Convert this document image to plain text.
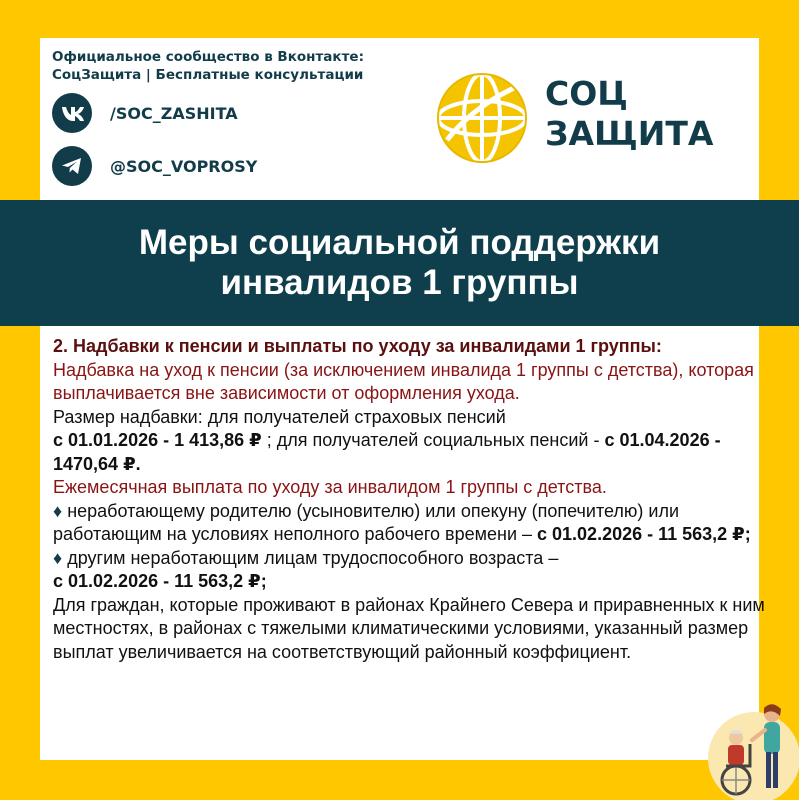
Официальное сообщество в Вконтакте:
СоцЗащита | Бесплатные консультации
/SOC_ZASHITA
@SOC_VOPROSY
СОЦ
ЗАЩИТА
Меры социальной поддержки
инвалидов 1 группы

2. Надбавки к пенсии и выплаты по уходу за инвалидами 1 группы:

Надбавка на уход к пенсии (за исключением инвалида 1 группы с детства), которая выплачивается вне зависимости от оформления ухода.

Размер надбавки: для получателей страховых пенсий
с 01.01.2026 - 1 413,86 ₽ ; для получателей социальных пенсий - с 01.04.2026 - 1470,64 ₽.

Ежемесячная выплата по уходу за инвалидом 1 группы с детства.

♦ неработающему родителю (усыновителю) или опекуну (попечителю) или работающим на условиях неполного рабочего времени – с 01.02.2026 - 11 563,2 ₽;

♦ другим неработающим лицам трудоспособного возраста –
с 01.02.2026 - 11 563,2 ₽;

Для граждан, которые проживают в районах Крайнего Севера и приравненных к ним местностях, в районах с тяжелыми климатическими условиями, указанный размер выплат увеличивается на соответствующий районный коэффициент.
